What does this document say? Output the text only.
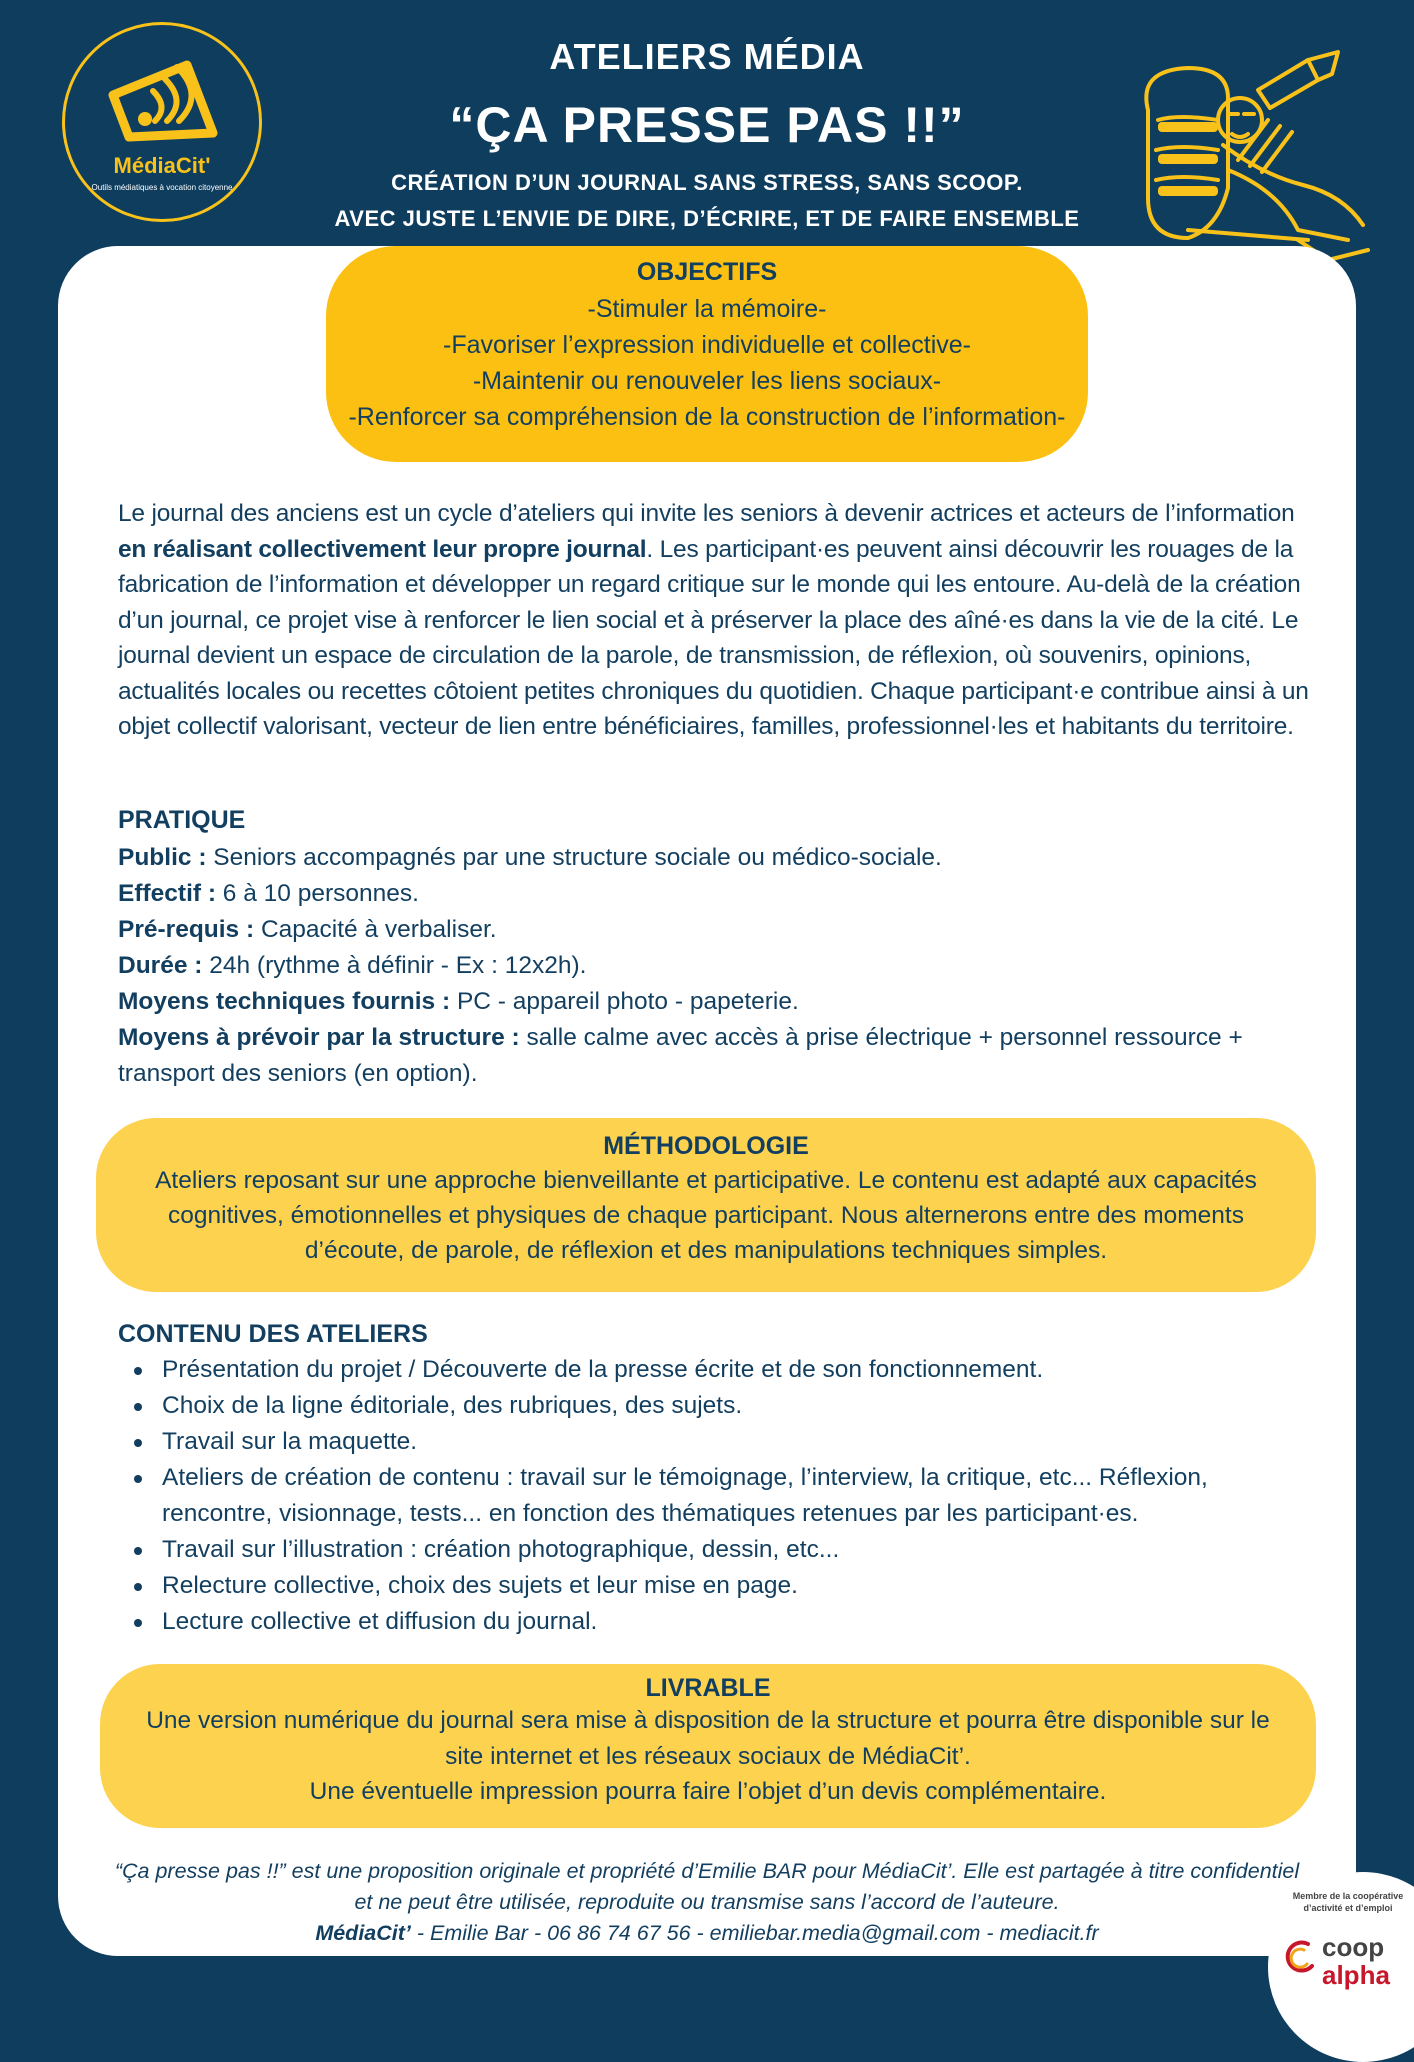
MédiaCit'
Outils médiatiques à vocation citoyenne
ATELIERS MÉDIA
“ÇA PRESSE PAS !!”
CRÉATION D’UN JOURNAL SANS STRESS, SANS SCOOP.
AVEC JUSTE L’ENVIE DE DIRE, D’ÉCRIRE, ET DE FAIRE ENSEMBLE
OBJECTIFS
-Stimuler la mémoire-
-Favoriser l’expression individuelle et collective-
-Maintenir ou renouveler les liens sociaux-
-Renforcer sa compréhension de la construction de l’information-
Le journal des anciens est un cycle d’ateliers qui invite les seniors à devenir actrices et acteurs de l’information en réalisant collectivement leur propre journal. Les participant·es peuvent ainsi découvrir les rouages de la fabrication de l’information et développer un regard critique sur le monde qui les entoure. Au-delà de la création d’un journal, ce projet vise à renforcer le lien social et à préserver la place des aîné·es dans la vie de la cité. Le journal devient un espace de circulation de la parole, de transmission, de réflexion, où souvenirs, opinions, actualités locales ou recettes côtoient petites chroniques du quotidien. Chaque participant·e contribue ainsi à un objet collectif valorisant, vecteur de lien entre bénéficiaires, familles, professionnel·les et habitants du territoire.
PRATIQUE
Public : Seniors accompagnés par une structure sociale ou médico-sociale.
Effectif : 6 à 10 personnes.
Pré-requis : Capacité à verbaliser.
Durée : 24h (rythme à définir - Ex : 12x2h).
Moyens techniques fournis : PC - appareil photo - papeterie.
Moyens à prévoir par la structure : salle calme avec accès à prise électrique + personnel ressource + transport des seniors (en option).
MÉTHODOLOGIE
Ateliers reposant sur une approche bienveillante et participative. Le contenu est adapté aux capacités cognitives, émotionnelles et physiques de chaque participant. Nous alternerons entre des moments d’écoute, de parole, de réflexion et des manipulations techniques simples.
CONTENU DES ATELIERS
Présentation du projet / Découverte de la presse écrite et de son fonctionnement.
Choix de la ligne éditoriale, des rubriques, des sujets.
Travail sur la maquette.
Ateliers de création de contenu : travail sur le témoignage, l’interview, la critique, etc... Réflexion, rencontre, visionnage, tests... en fonction des thématiques retenues par les participant·es.
Travail sur l’illustration : création photographique, dessin, etc...
Relecture collective, choix des sujets et leur mise en page.
Lecture collective et diffusion du journal.
LIVRABLE
Une version numérique du journal sera mise à disposition de la structure et pourra être disponible sur le site internet et les réseaux sociaux de MédiaCit’.
Une éventuelle impression pourra faire l’objet d’un devis complémentaire.
“Ça presse pas !!” est une proposition originale et propriété d’Emilie BAR pour MédiaCit’. Elle est partagée à titre confidentiel et ne peut être utilisée, reproduite ou transmise sans l’accord de l’auteure.
MédiaCit’ - Emilie Bar - 06 86 74 67 56 - emiliebar.media@gmail.com - mediacit.fr
Membre de la coopérative d’activité et d’emploi
coop
alpha
